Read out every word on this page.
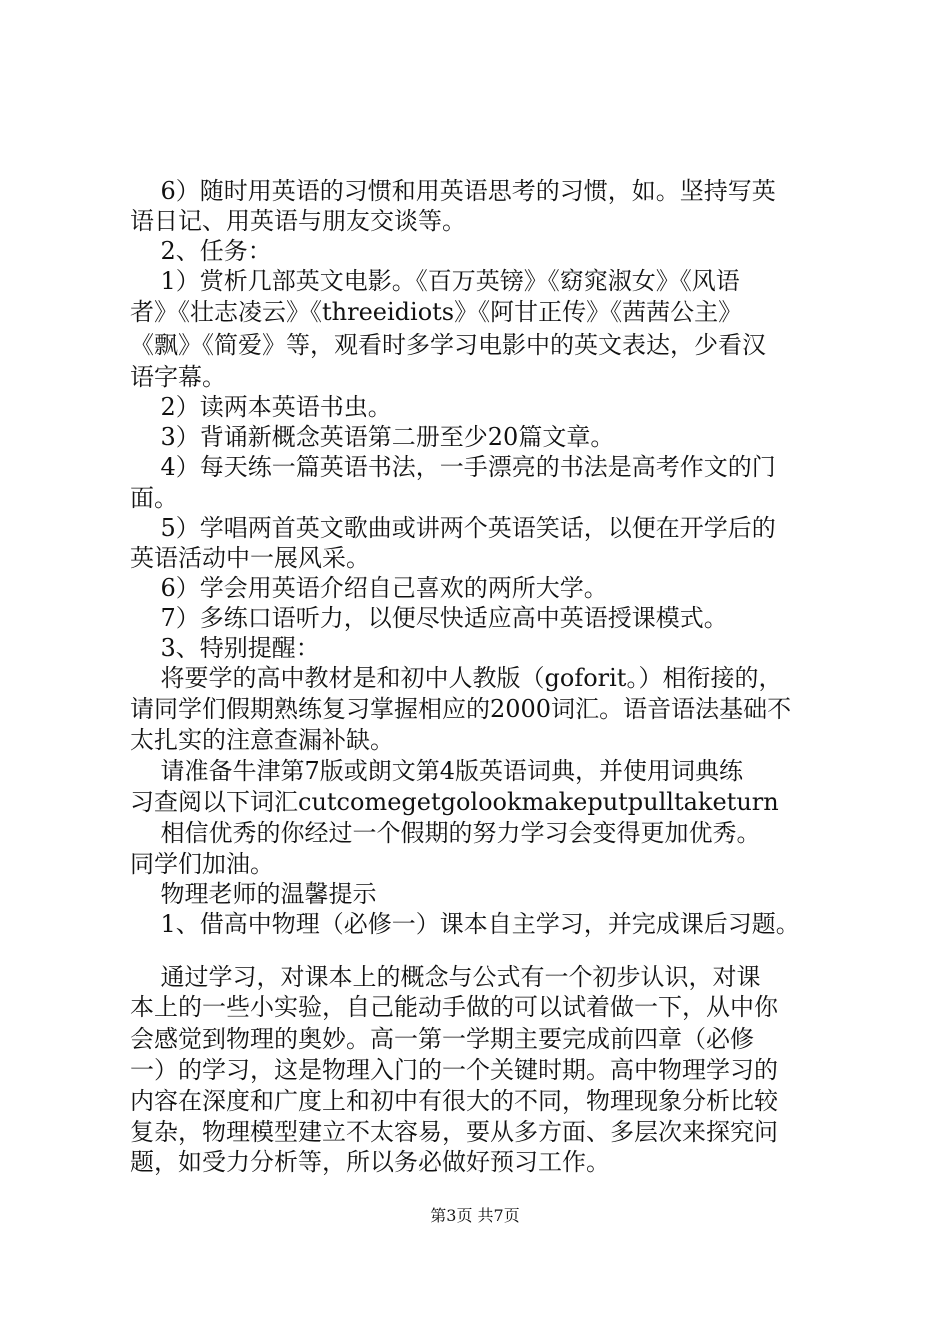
6）随时用英语的习惯和用英语思考的习惯，如。坚持写英
语日记、用英语与朋友交谈等。
2、任务：
1）赏析几部英文电影。《百万英镑》《窈窕淑女》《风语
者》《壮志凌云》《threeidiots》《阿甘正传》《茜茜公主》
《飘》《简爱》等，观看时多学习电影中的英文表达，少看汉
语字幕。
2）读两本英语书虫。
3）背诵新概念英语第二册至少20篇文章。
4）每天练一篇英语书法，一手漂亮的书法是高考作文的门
面。
5）学唱两首英文歌曲或讲两个英语笑话，以便在开学后的
英语活动中一展风采。
6）学会用英语介绍自己喜欢的两所大学。
7）多练口语听力，以便尽快适应高中英语授课模式。
3、特别提醒：
将要学的高中教材是和初中人教版（goforit。）相衔接的，
请同学们假期熟练复习掌握相应的2000词汇。语音语法基础不
太扎实的注意查漏补缺。
请准备牛津第7版或朗文第4版英语词典，并使用词典练
习查阅以下词汇cutcomegetgolookmakeputpulltaketurn
相信优秀的你经过一个假期的努力学习会变得更加优秀。
同学们加油。
物理老师的温馨提示
1、借高中物理（必修一）课本自主学习，并完成课后习题。
通过学习，对课本上的概念与公式有一个初步认识，对课
本上的一些小实验，自己能动手做的可以试着做一下，从中你
会感觉到物理的奥妙。高一第一学期主要完成前四章（必修
一）的学习，这是物理入门的一个关键时期。高中物理学习的
内容在深度和广度上和初中有很大的不同，物理现象分析比较
复杂，物理模型建立不太容易，要从多方面、多层次来探究问
题，如受力分析等，所以务必做好预习工作。
第3页 共7页
